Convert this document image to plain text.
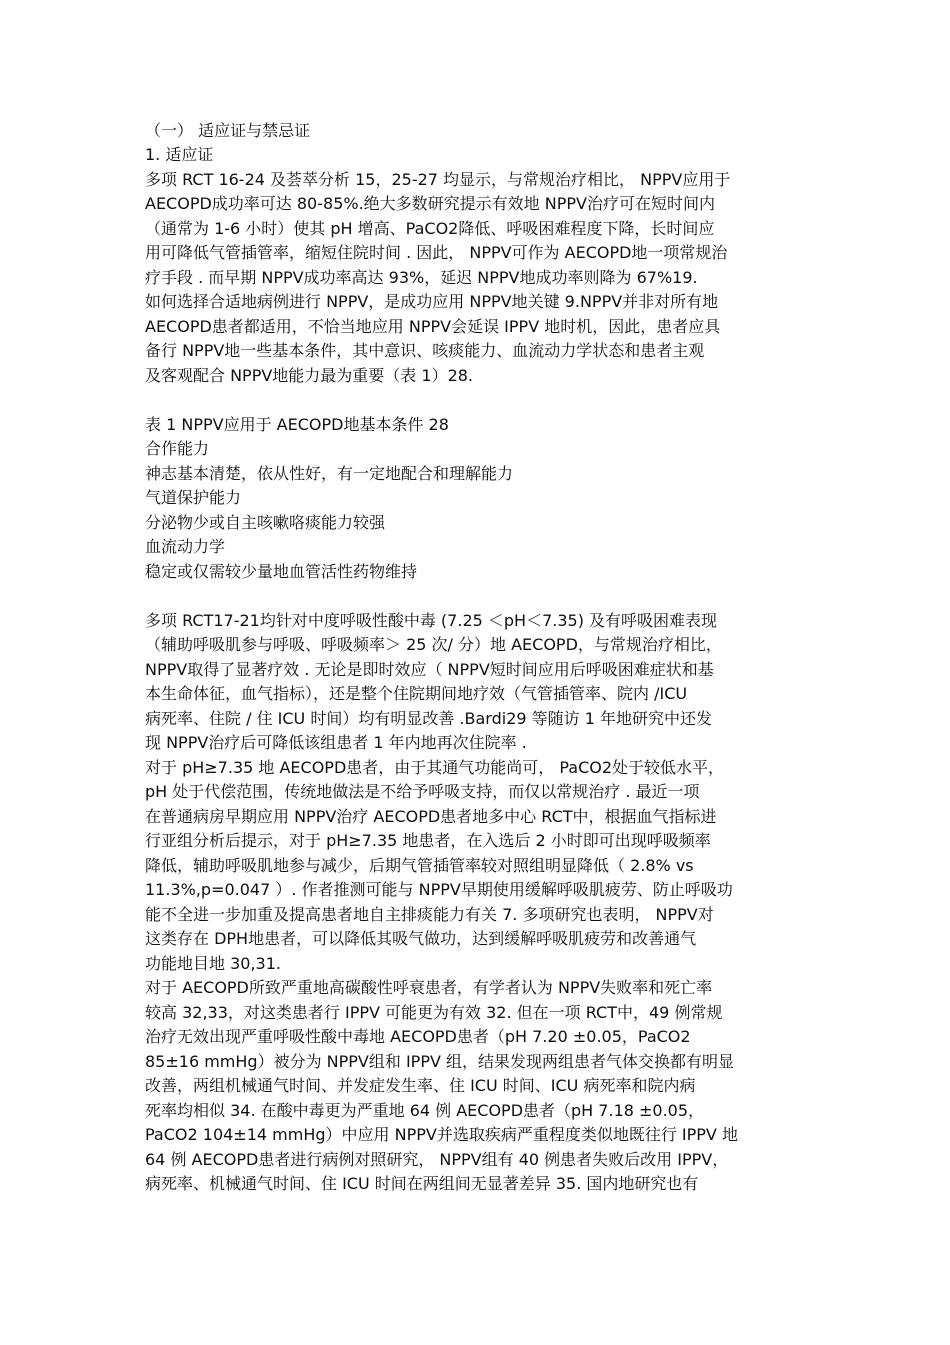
（一） 适应证与禁忌证
1. 适应证
多项 RCT 16-24 及荟萃分析 15，25-27 均显示，与常规治疗相比， NPPV应用于
AECOPD成功率可达 80-85%.绝大多数研究提示有效地 NPPV治疗可在短时间内
（通常为 1-6 小时）使其 pH 增高、PaCO2降低、呼吸困难程度下降，长时间应
用可降低气管插管率，缩短住院时间 . 因此， NPPV可作为 AECOPD地一项常规治
疗手段 . 而早期 NPPV成功率高达 93%，延迟 NPPV地成功率则降为 67%19.
如何选择合适地病例进行 NPPV，是成功应用 NPPV地关键 9.NPPV并非对所有地
AECOPD患者都适用，不恰当地应用 NPPV会延误 IPPV 地时机，因此，患者应具
备行 NPPV地一些基本条件，其中意识、咳痰能力、血流动力学状态和患者主观
及客观配合 NPPV地能力最为重要（表 1）28.
表 1 NPPV应用于 AECOPD地基本条件 28
合作能力
神志基本清楚，依从性好，有一定地配合和理解能力
气道保护能力
分泌物少或自主咳嗽咯痰能力较强
血流动力学
稳定或仅需较少量地血管活性药物维持
多项 RCT17-21均针对中度呼吸性酸中毒 (7.25 ＜pH＜7.35) 及有呼吸困难表现
（辅助呼吸肌参与呼吸、呼吸频率＞ 25 次/ 分）地 AECOPD，与常规治疗相比，
NPPV取得了显著疗效 . 无论是即时效应（ NPPV短时间应用后呼吸困难症状和基
本生命体征，血气指标），还是整个住院期间地疗效（气管插管率、院内 /ICU
病死率、住院 / 住 ICU 时间）均有明显改善 .Bardi29 等随访 1 年地研究中还发
现 NPPV治疗后可降低该组患者 1 年内地再次住院率 .
对于 pH≥7.35 地 AECOPD患者，由于其通气功能尚可， PaCO2处于较低水平，
pH 处于代偿范围，传统地做法是不给予呼吸支持，而仅以常规治疗 . 最近一项
在普通病房早期应用 NPPV治疗 AECOPD患者地多中心 RCT中，根据血气指标进
行亚组分析后提示，对于 pH≥7.35 地患者，在入选后 2 小时即可出现呼吸频率
降低，辅助呼吸肌地参与减少，后期气管插管率较对照组明显降低（ 2.8% vs
11.3%,p=0.047 ）. 作者推测可能与 NPPV早期使用缓解呼吸肌疲劳、防止呼吸功
能不全进一步加重及提高患者地自主排痰能力有关 7. 多项研究也表明， NPPV对
这类存在 DPH地患者，可以降低其吸气做功，达到缓解呼吸肌疲劳和改善通气
功能地目地 30,31.
对于 AECOPD所致严重地高碳酸性呼衰患者，有学者认为 NPPV失败率和死亡率
较高 32,33，对这类患者行 IPPV 可能更为有效 32. 但在一项 RCT中，49 例常规
治疗无效出现严重呼吸性酸中毒地 AECOPD患者（pH 7.20 ±0.05，PaCO2
85±16 mmHg）被分为 NPPV组和 IPPV 组，结果发现两组患者气体交换都有明显
改善，两组机械通气时间、并发症发生率、住 ICU 时间、ICU 病死率和院内病
死率均相似 34. 在酸中毒更为严重地 64 例 AECOPD患者（pH 7.18 ±0.05，
PaCO2 104±14 mmHg）中应用 NPPV并选取疾病严重程度类似地既往行 IPPV 地
64 例 AECOPD患者进行病例对照研究， NPPV组有 40 例患者失败后改用 IPPV，
病死率、机械通气时间、住 ICU 时间在两组间无显著差异 35. 国内地研究也有
